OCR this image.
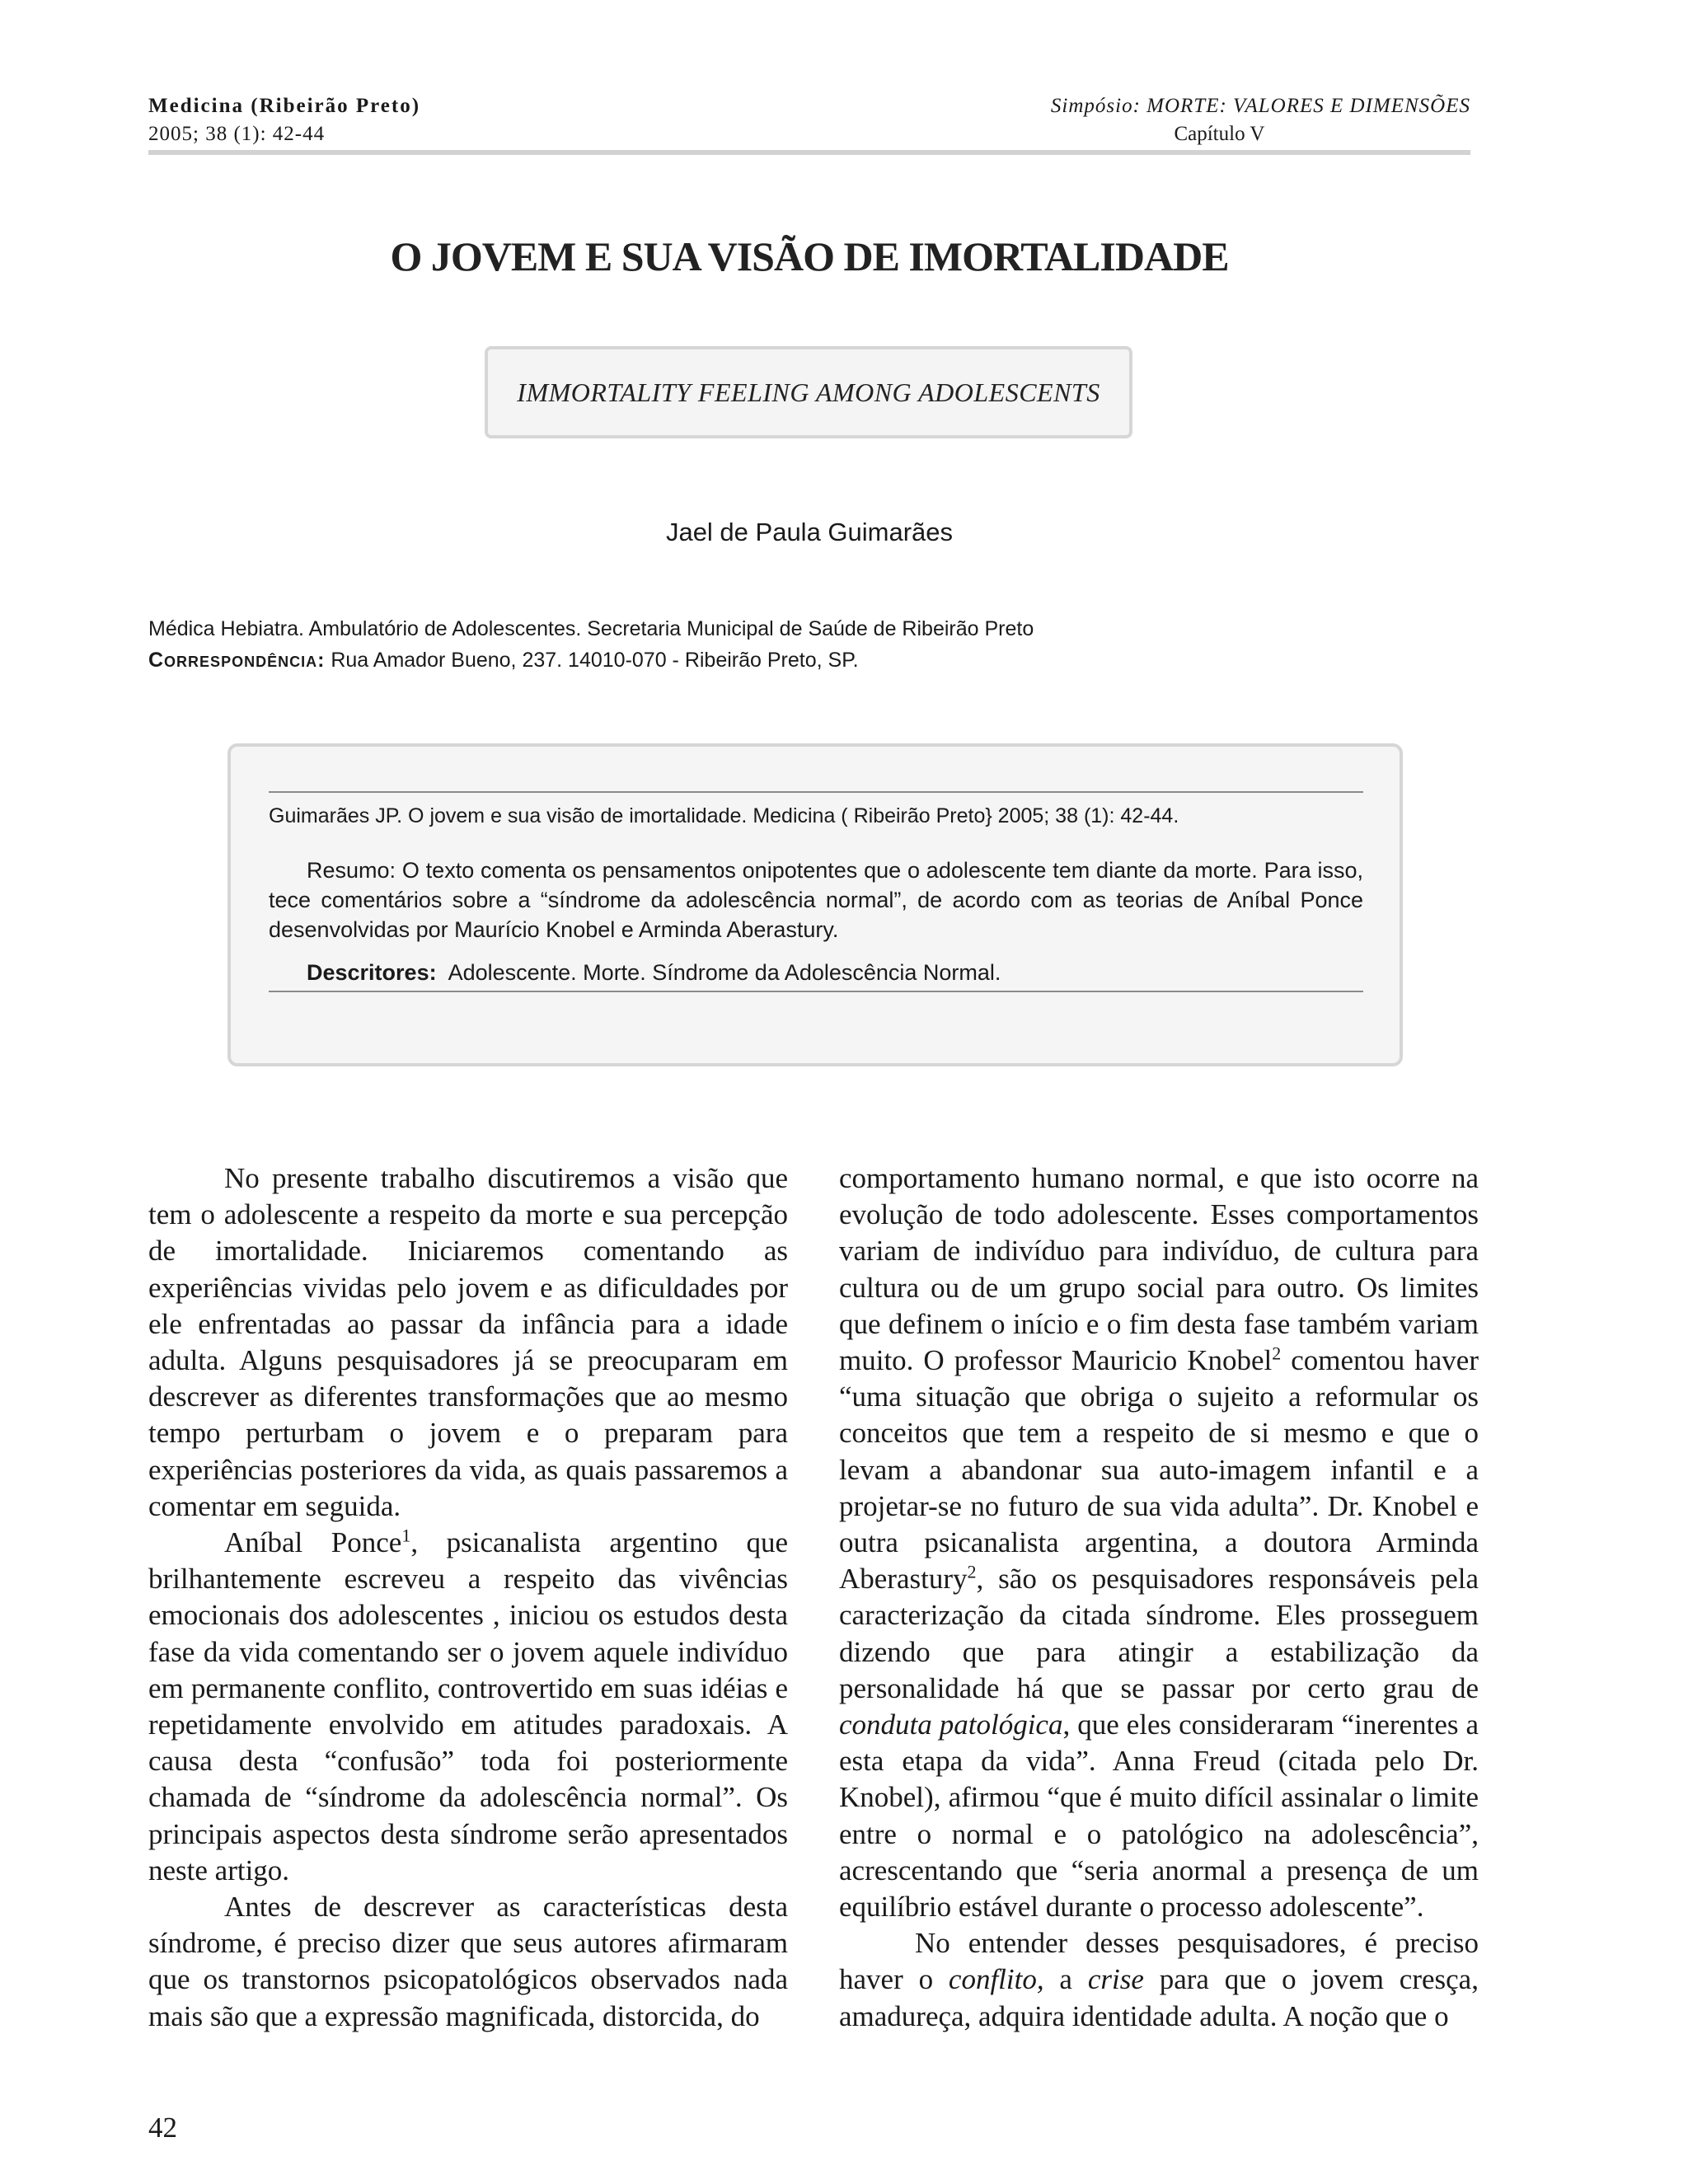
Medicina (Ribeirão Preto)
2005; 38 (1): 42-44
Simpósio: MORTE: VALORES E DIMENSÕES
Capítulo V
O JOVEM E SUA VISÃO DE IMORTALIDADE
IMMORTALITY FEELING AMONG ADOLESCENTS
Jael de Paula Guimarães
Médica Hebiatra. Ambulatório de Adolescentes. Secretaria Municipal de Saúde de Ribeirão Preto
Correspondência: Rua Amador Bueno, 237. 14010-070 - Ribeirão Preto, SP.
Guimarães JP. O jovem e sua visão de imortalidade. Medicina ( Ribeirão Preto} 2005; 38 (1): 42-44.
Resumo: O texto comenta os pensamentos onipotentes que o adolescente tem diante da morte. Para isso, tece comentários sobre a “síndrome da adolescência normal”, de acordo com as teorias de Aníbal Ponce desenvolvidas por Maurício Knobel e Arminda Aberastury.
Descritores: Adolescente. Morte. Síndrome da Adolescência Normal.

No presente trabalho discutiremos a visão que tem o adolescente a respeito da morte e sua percepção de imortalidade. Iniciaremos comentando as experiências vividas pelo jovem e as dificuldades por ele enfrentadas ao passar da infância para a idade adulta. Alguns pesquisadores já se preocuparam em descrever as diferentes transformações que ao mesmo tempo perturbam o jovem e o preparam para experiências posteriores da vida, as quais passaremos a comentar em seguida.

Aníbal Ponce$^1$, psicanalista argentino que brilhantemente escreveu a respeito das vivências emocionais dos adolescentes , iniciou os estudos desta fase da vida comentando ser o jovem aquele indivíduo em permanente conflito, controvertido em suas idéias e repetidamente envolvido em atitudes paradoxais. A causa desta “confusão” toda foi posteriormente chamada de “síndrome da adolescência normal”. Os principais aspectos desta síndrome serão apresentados neste artigo.

Antes de descrever as características desta síndrome, é preciso dizer que seus autores afirmaram que os transtornos psicopatológicos observados nada mais são que a expressão magnificada, distorcida, do

comportamento humano normal, e que isto ocorre na evolução de todo adolescente. Esses comportamentos variam de indivíduo para indivíduo, de cultura para cultura ou de um grupo social para outro. Os limites que definem o início e o fim desta fase também variam muito. O professor Mauricio Knobel$^2$ comentou haver “uma situação que obriga o sujeito a reformular os conceitos que tem a respeito de si mesmo e que o levam a abandonar sua auto-imagem infantil e a projetar-se no futuro de sua vida adulta”. Dr. Knobel e outra psicanalista argentina, a doutora Arminda Aberastury$^2$, são os pesquisadores responsáveis pela caracterização da citada síndrome. Eles prosseguem dizendo que para atingir a estabilização da personalidade há que se passar por certo grau de conduta patológica, que eles consideraram “inerentes a esta etapa da vida”. Anna Freud (citada pelo Dr. Knobel), afirmou “que é muito difícil assinalar o limite entre o normal e o patológico na adolescência”, acrescentando que “seria anormal a presença de um equilíbrio estável durante o processo adolescente”.

No entender desses pesquisadores, é preciso haver o conflito, a crise para que o jovem cresça, amadureça, adquira identidade adulta. A noção que o

42
